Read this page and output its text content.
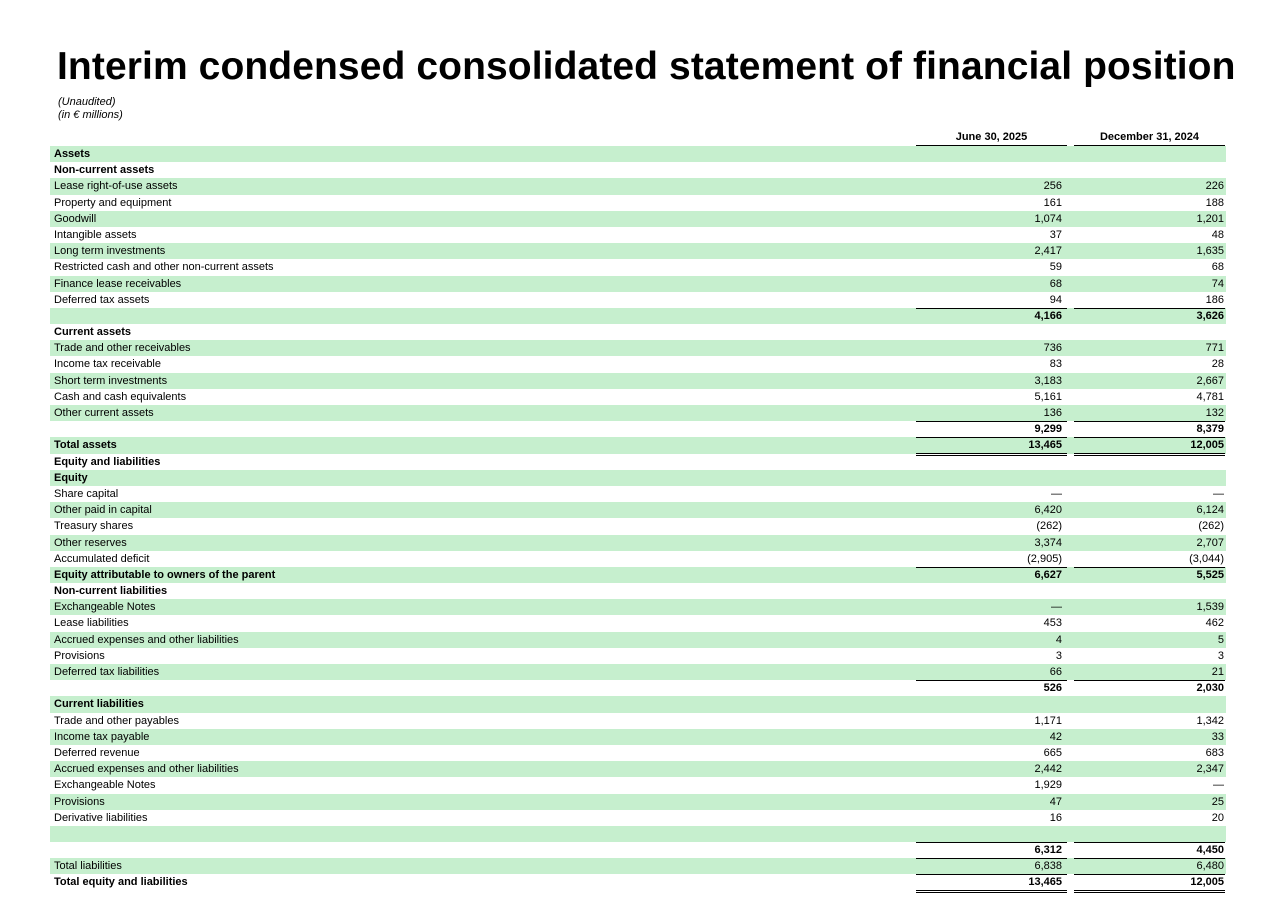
Interim condensed consolidated statement of financial position
(Unaudited)
(in € millions)
June 30, 2025	December 31, 2024
Assets
Non-current assets
Lease right-of-use assets	256	226
Property and equipment	161	188
Goodwill	1,074	1,201
Intangible assets	37	48
Long term investments	2,417	1,635
Restricted cash and other non-current assets	59	68
Finance lease receivables	68	74
Deferred tax assets	94	186
4,166	3,626
Current assets
Trade and other receivables	736	771
Income tax receivable	83	28
Short term investments	3,183	2,667
Cash and cash equivalents	5,161	4,781
Other current assets	136	132
9,299	8,379
Total assets	13,465	12,005
Equity and liabilities
Equity
Share capital	—	—
Other paid in capital	6,420	6,124
Treasury shares	(262)	(262)
Other reserves	3,374	2,707
Accumulated deficit	(2,905)	(3,044)
Equity attributable to owners of the parent	6,627	5,525
Non-current liabilities
Exchangeable Notes	—	1,539
Lease liabilities	453	462
Accrued expenses and other liabilities	4	5
Provisions	3	3
Deferred tax liabilities	66	21
526	2,030
Current liabilities
Trade and other payables	1,171	1,342
Income tax payable	42	33
Deferred revenue	665	683
Accrued expenses and other liabilities	2,442	2,347
Exchangeable Notes	1,929	—
Provisions	47	25
Derivative liabilities	16	20
6,312	4,450
Total liabilities	6,838	6,480
Total equity and liabilities	13,465	12,005
